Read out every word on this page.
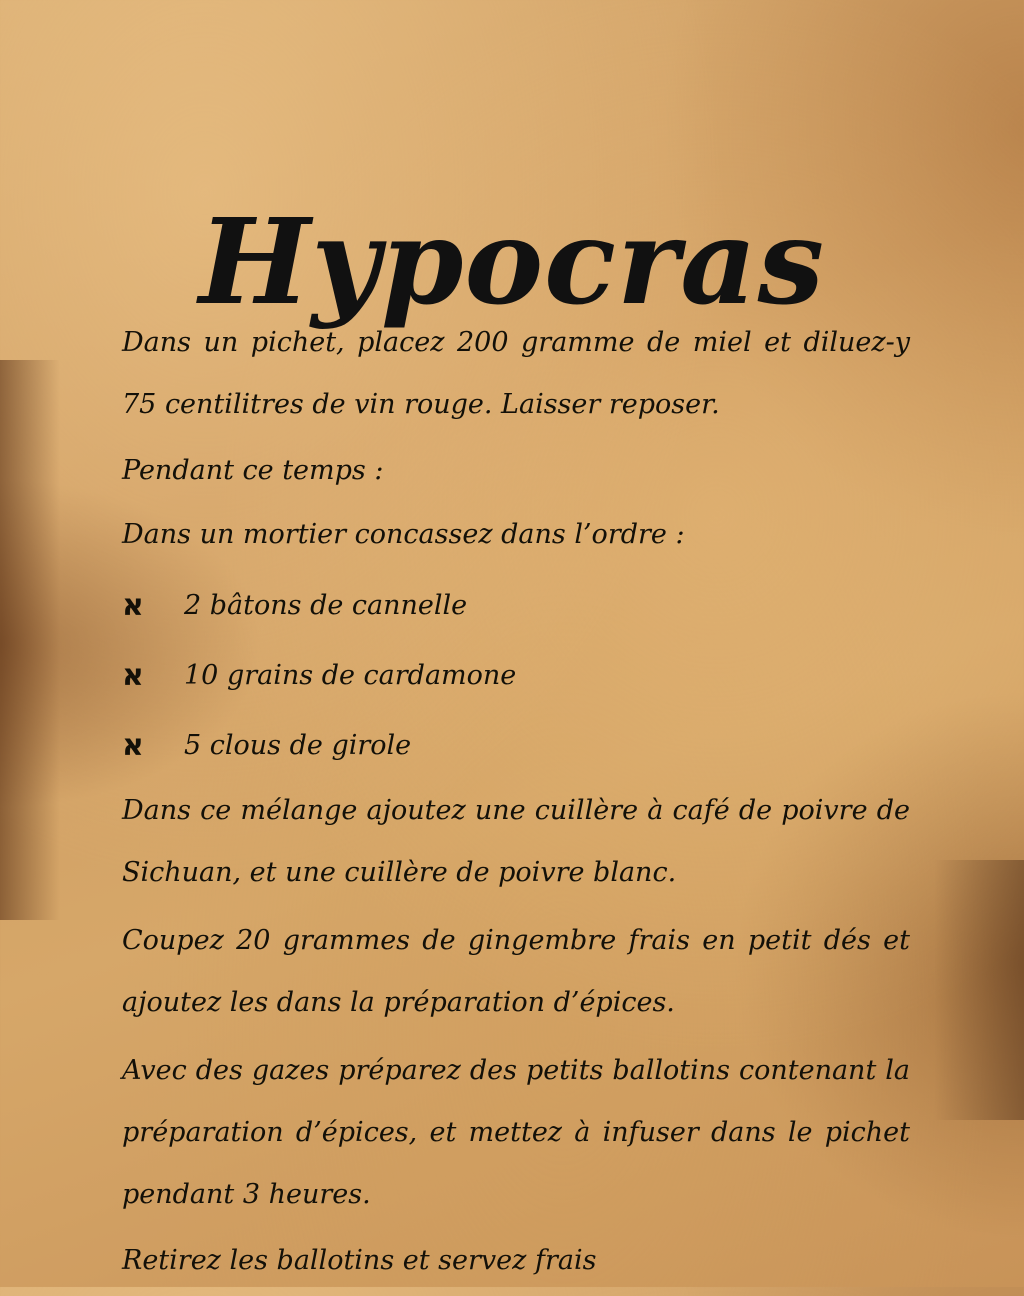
Hypocras

Dans un pichet, placez 200 gramme de miel et diluez-y 75 centilitres de vin rouge. Laisser reposer.

Pendant ce temps :

Dans un mortier concassez dans l’ordre :

א	2 bâtons de cannelle
א	10 grains de cardamone
א	5 clous de girole

Dans ce mélange ajoutez une cuillère à café de poivre de Sichuan, et une cuillère de poivre blanc.

Coupez 20 grammes de gingembre frais en petit dés et ajoutez les dans la préparation d’épices.

Avec des gazes préparez des petits ballotins contenant la préparation d’épices, et mettez à infuser dans le pichet pendant 3 heures.

Retirez les ballotins et servez frais
